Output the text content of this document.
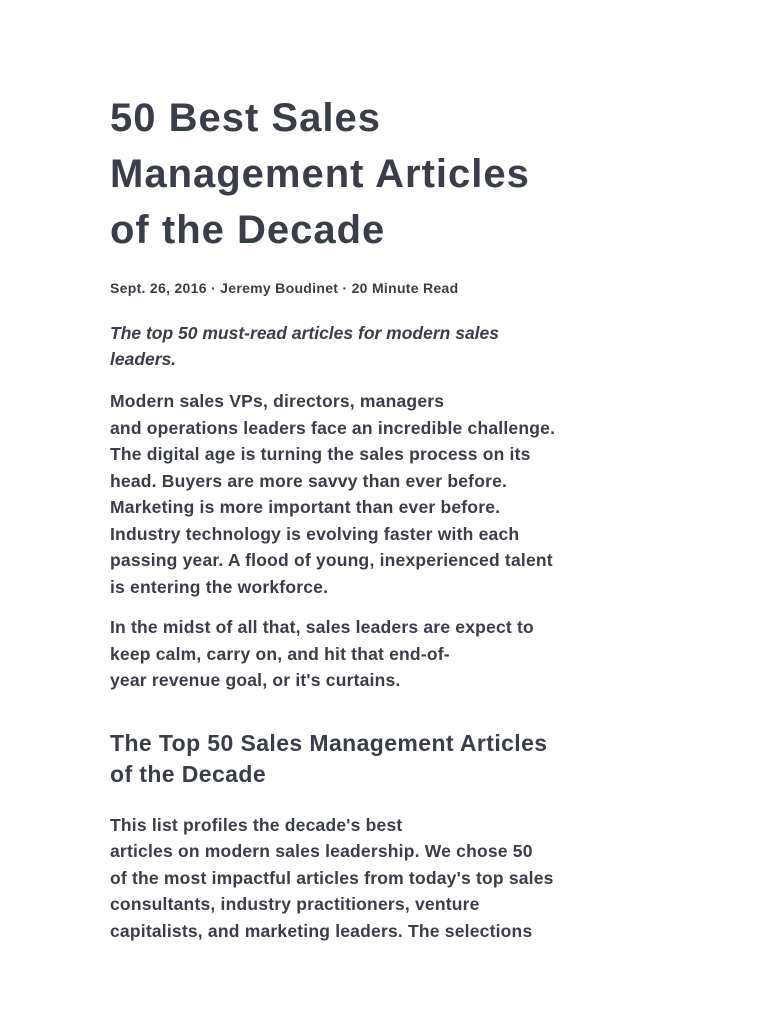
50 Best Sales
Management Articles
of the Decade
Sept. 26, 2016 · Jeremy Boudinet · 20 Minute Read
The top 50 must-read articles for modern sales
leaders.
Modern sales VPs, directors, managers
and operations leaders face an incredible challenge.
The digital age is turning the sales process on its
head. Buyers are more savvy than ever before.
Marketing is more important than ever before.
Industry technology is evolving faster with each
passing year. A flood of young, inexperienced talent
is entering the workforce.
In the midst of all that, sales leaders are expect to
keep calm, carry on, and hit that end-of-
year revenue goal, or it's curtains.
The Top 50 Sales Management Articles
of the Decade
This list profiles the decade's best
articles on modern sales leadership. We chose 50
of the most impactful articles from today's top sales
consultants, industry practitioners, venture
capitalists, and marketing leaders. The selections
